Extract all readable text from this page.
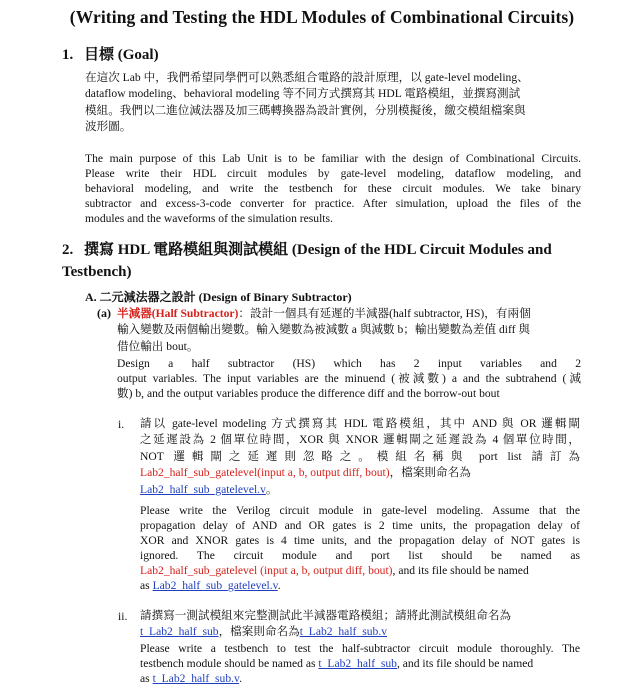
(Writing and Testing the HDL Modules of Combinational Circuits)
1. 目標 (Goal)
在這次 Lab 中，我們希望同學們可以熟悉組合電路的設計原理，以 gate-level modeling、
dataflow modeling、behavioral modeling 等不同方式撰寫其 HDL 電路模組，並撰寫測試
模組。我們以二進位減法器及加三碼轉換器為設計實例，分別模擬後，繳交模組檔案與
波形圖。
The main purpose of this Lab Unit is to be familiar with the design of Combinational Circuits.
Please write their HDL circuit modules by gate-level modeling, dataflow modeling, and
behavioral modeling, and write the testbench for these circuit modules. We take binary
subtractor and excess-3-code converter for practice. After simulation, upload the files of the
modules and the waveforms of the simulation results.
2. 撰寫 HDL 電路模組與測試模組 (Design of the HDL Circuit Modules and
Testbench)
A. 二元減法器之設計 (Design of Binary Subtractor)
(a) 半減器(Half Subtractor)：設計一個具有延遲的半減器(half subtractor, HS)，有兩個
輸入變數及兩個輸出變數。輸入變數為被減數 a 與減數 b；輸出變數為差值 diff 與
借位輸出 bout。
Design a half subtractor (HS) which has 2 input variables and 2
output variables. The input variables are the minuend (被減數) a and the subtrahend (減
數) b, and the output variables produce the difference diff and the borrow-out bout
i. 請以 gate-level modeling 方式撰寫其 HDL 電路模組，其中 AND 與 OR 邏輯閘
之延遲設為 2 個單位時間，XOR 與 XNOR 邏輯閘之延遲設為 4 個單位時間，
NOT 邏輯閘之延遲則忽略之。模組名稱與 port list 請訂為
Lab2_half_sub_gatelevel(input a, b, output diff, bout)，檔案則命名為
Lab2_half_sub_gatelevel.v。
Please write the Verilog circuit module in gate-level modeling. Assume that the
propagation delay of AND and OR gates is 2 time units, the propagation delay of
XOR and XNOR gates is 4 time units, and the propagation delay of NOT gates is
ignored. The circuit module and port list should be named as
Lab2_half_sub_gatelevel (input a, b, output diff, bout), and its file should be named
as Lab2_half_sub_gatelevel.v.
ii. 請撰寫一測試模組來完整測試此半減器電路模組；請將此測試模組命名為
t_Lab2_half_sub，檔案則命名為t_Lab2_half_sub.v
Please write a testbench to test the half-subtractor circuit module thoroughly. The
testbench module should be named as t_Lab2_half_sub, and its file should be named
as t_Lab2_half_sub.v.
